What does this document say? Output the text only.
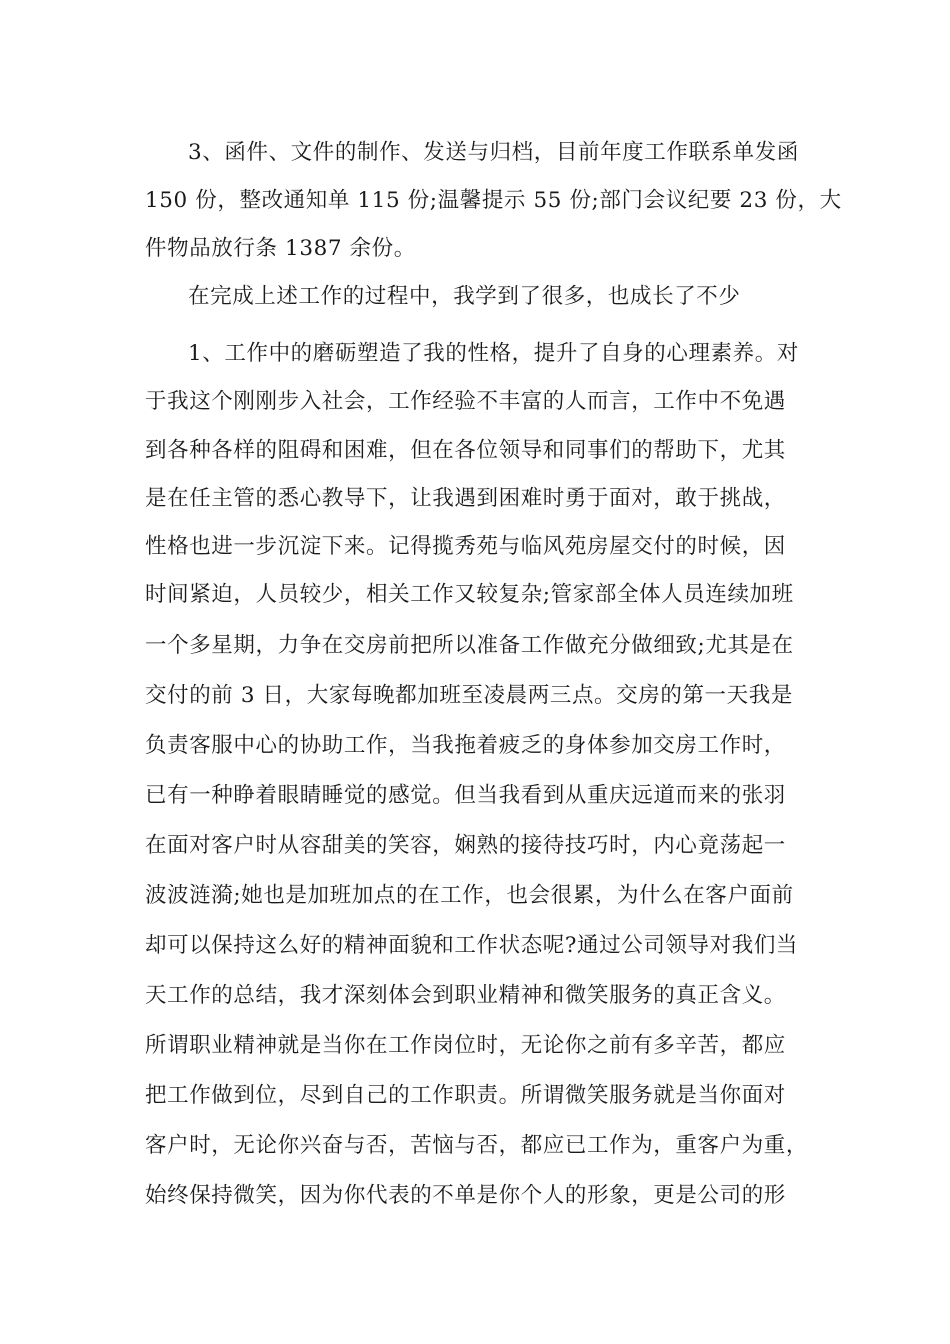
3、函件、文件的制作、发送与归档，目前年度工作联系单发函

150 份，整改通知单 115 份;温馨提示 55 份;部门会议纪要 23 份，大

件物品放行条 1387 余份。

在完成上述工作的过程中，我学到了很多，也成长了不少

1、工作中的磨砺塑造了我的性格，提升了自身的心理素养。对

于我这个刚刚步入社会，工作经验不丰富的人而言，工作中不免遇

到各种各样的阻碍和困难，但在各位领导和同事们的帮助下，尤其

是在任主管的悉心教导下，让我遇到困难时勇于面对，敢于挑战，

性格也进一步沉淀下来。记得揽秀苑与临风苑房屋交付的时候，因

时间紧迫，人员较少，相关工作又较复杂;管家部全体人员连续加班

一个多星期，力争在交房前把所以准备工作做充分做细致;尤其是在

交付的前 3 日，大家每晚都加班至凌晨两三点。交房的第一天我是

负责客服中心的协助工作，当我拖着疲乏的身体参加交房工作时，

已有一种睁着眼睛睡觉的感觉。但当我看到从重庆远道而来的张羽

在面对客户时从容甜美的笑容，娴熟的接待技巧时，内心竟荡起一

波波涟漪;她也是加班加点的在工作，也会很累，为什么在客户面前

却可以保持这么好的精神面貌和工作状态呢?通过公司领导对我们当

天工作的总结，我才深刻体会到职业精神和微笑服务的真正含义。

所谓职业精神就是当你在工作岗位时，无论你之前有多辛苦，都应

把工作做到位，尽到自己的工作职责。所谓微笑服务就是当你面对

客户时，无论你兴奋与否，苦恼与否，都应已工作为，重客户为重，

始终保持微笑，因为你代表的不单是你个人的形象，更是公司的形
